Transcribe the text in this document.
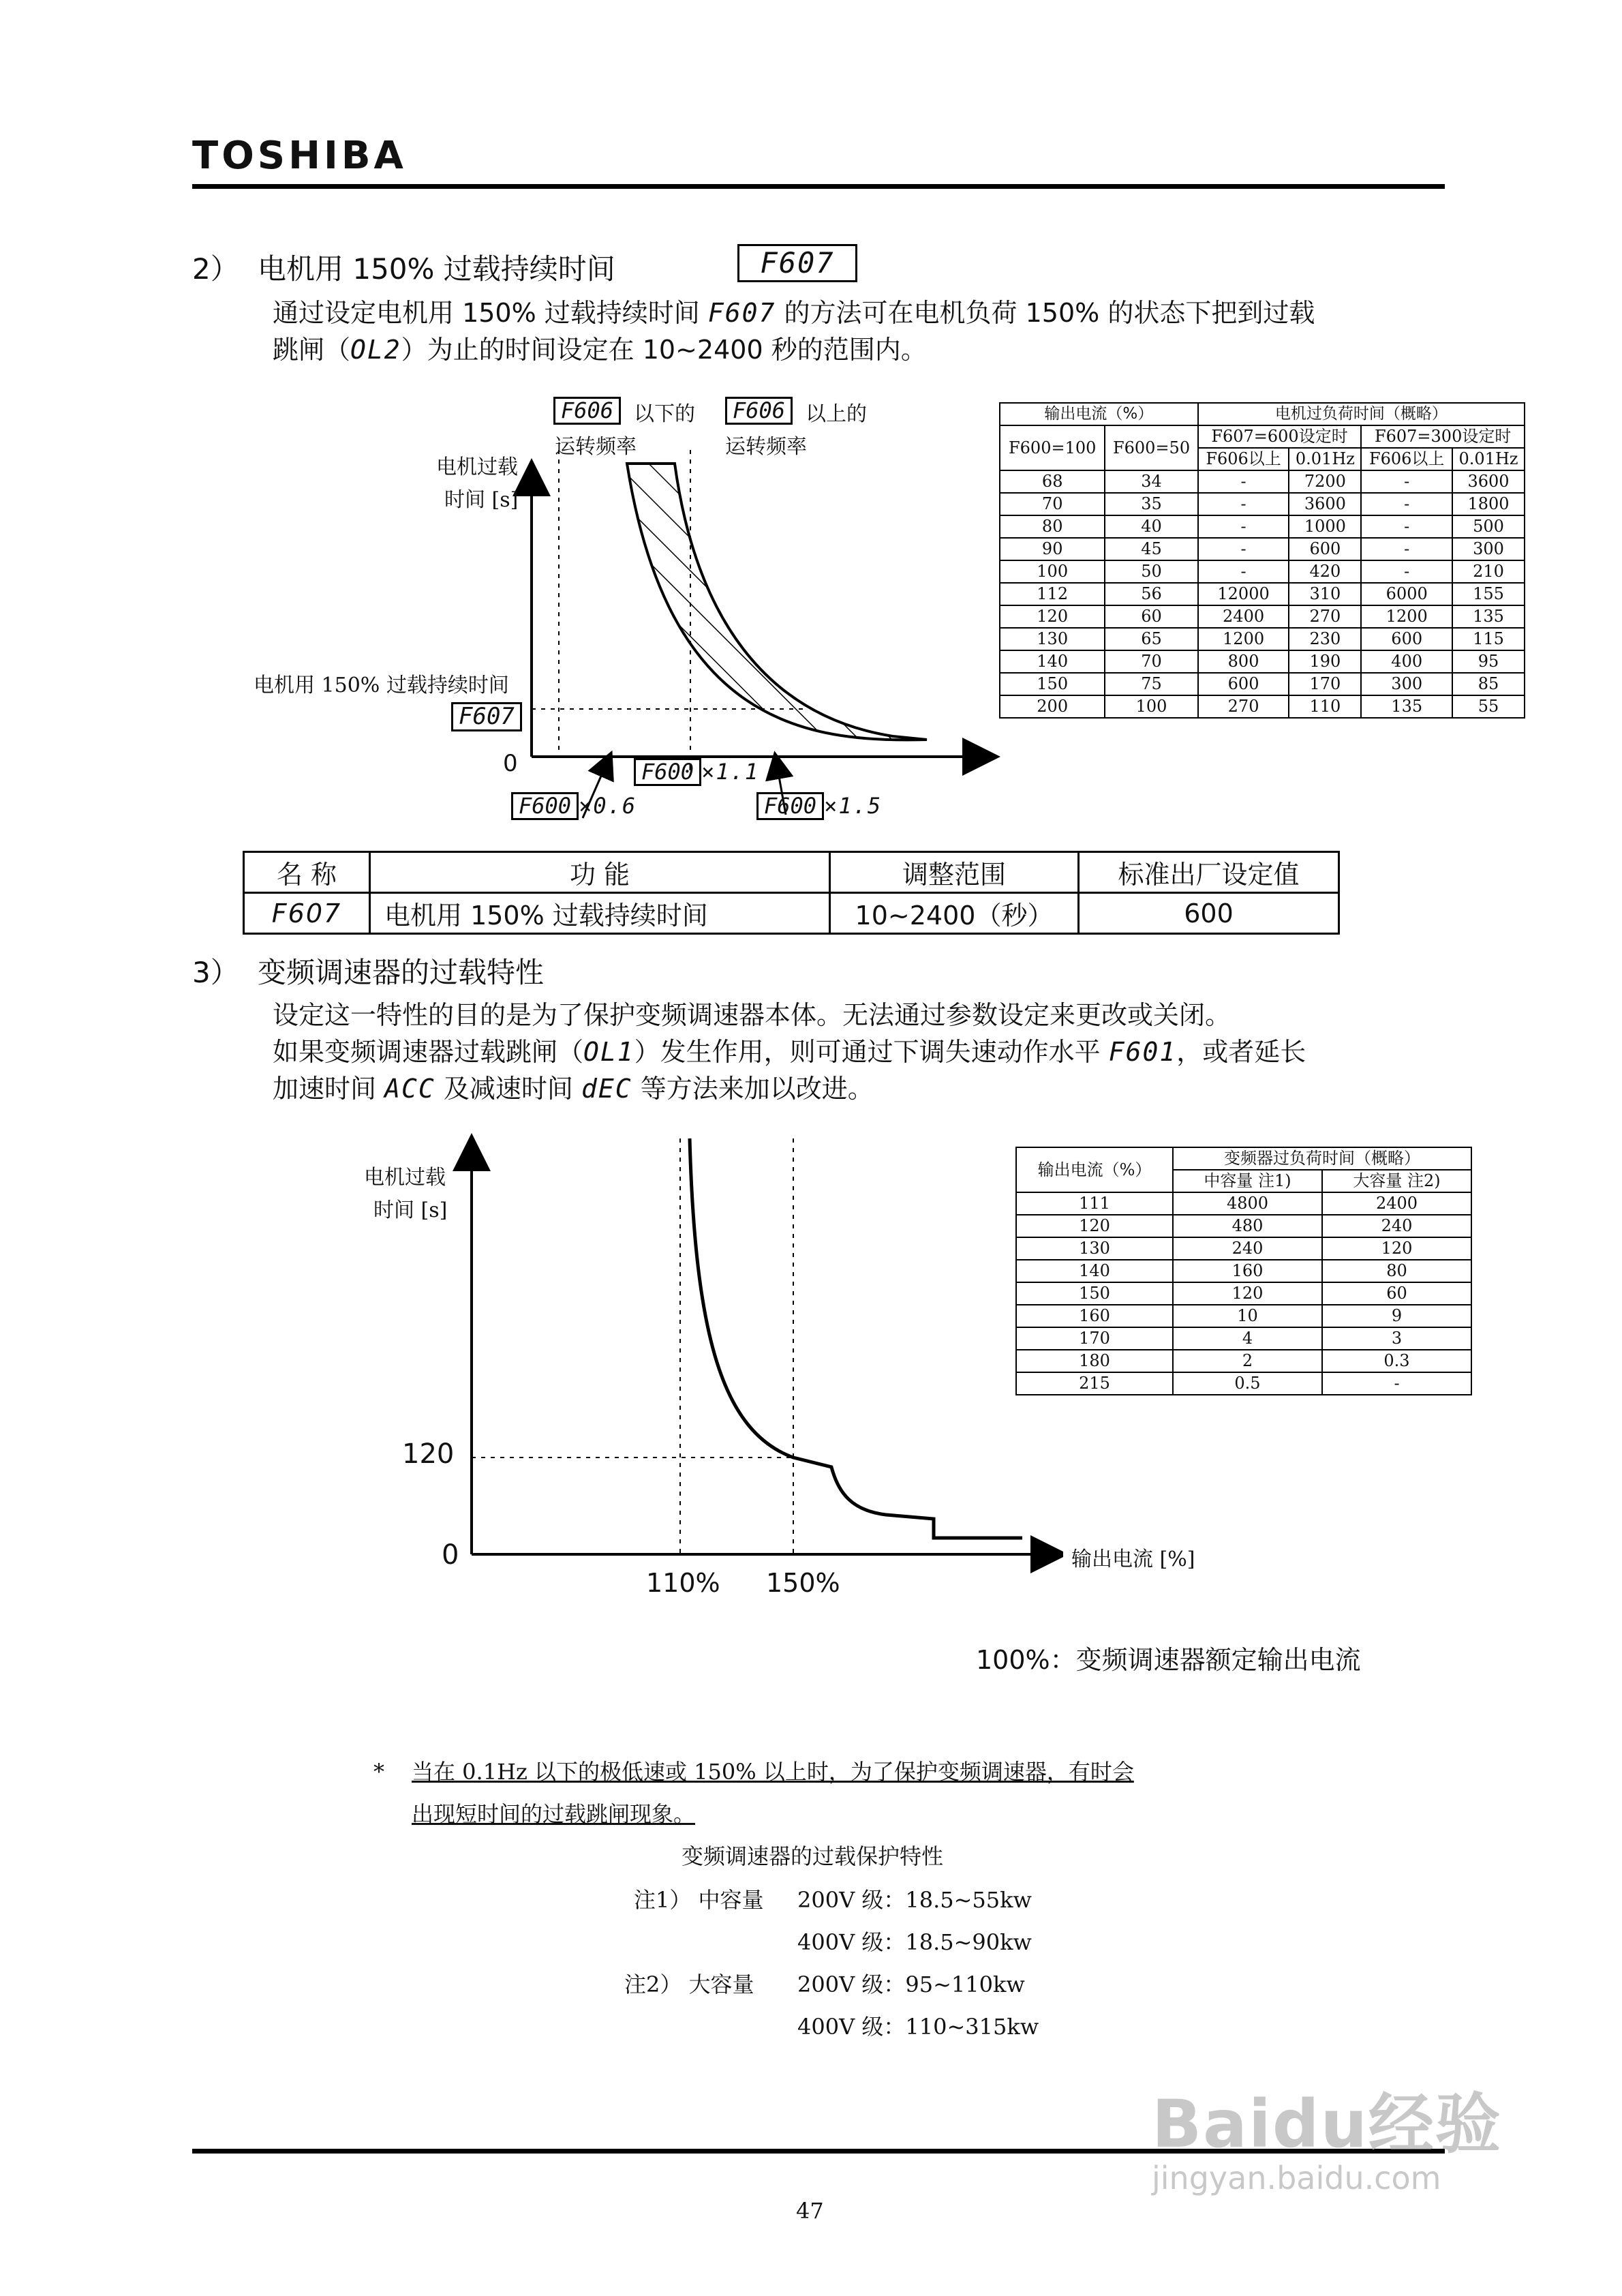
TOSHIBA
2） 电机用 150% 过载持续时间	F607
通过设定电机用 150% 过载持续时间 F607 的方法可在电机负荷 150% 的状态下把到过载
跳闸（OL2）为止的时间设定在 10~2400 秒的范围内。
电机过载
时间 [s]
电机用 150% 过载持续时间
F607
0
F606 以下的
运转频率
F606 以上的
运转频率
F600 ×1.1
F600 ×0.6	F600 ×1.5
输出电流（%）		电机过负荷时间（概略）			
F600=100	F600=50	F607=600设定时		F607=300设定时	
		F606以上	0.01Hz	F606以上	0.01Hz
68	34	-	7200	-	3600
70	35	-	3600	-	1800
80	40	-	1000	-	500
90	45	-	600	-	300
100	50	-	420	-	210
112	56	12000	310	6000	155
120	60	2400	270	1200	135
130	65	1200	230	600	115
140	70	800	190	400	95
150	75	600	170	300	85
200	100	270	110	135	55
名 称	功 能	调整范围	标准出厂设定值
F607	电机用 150% 过载持续时间	10~2400（秒）	600
3） 变频调速器的过载特性
设定这一特性的目的是为了保护变频调速器本体。无法通过参数设定来更改或关闭。
如果变频调速器过载跳闸（OL1）发生作用，则可通过下调失速动作水平 F601，或者延长
加速时间 ACC 及减速时间 dEC 等方法来加以改进。
电机过载
时间 [s]
120
0
110% 150%
输出电流 [%]
输出电流（%）	变频器过负荷时间（概略）	
	中容量 注1)	大容量 注2)
111	4800	2400
120	480	240
130	240	120
140	160	80
150	120	60
160	10	9
170	4	3
180	2	0.3
215	0.5	-
100%：变频调速器额定输出电流
* 当在 0.1Hz 以下的极低速或 150% 以上时，为了保护变频调速器，有时会
出现短时间的过载跳闸现象。
变频调速器的过载保护特性
注1） 中容量 200V 级：18.5~55kw
400V 级：18.5~90kw
注2） 大容量 200V 级：95~110kw
400V 级：110~315kw
47
Baidu经验
jingyan.baidu.com
